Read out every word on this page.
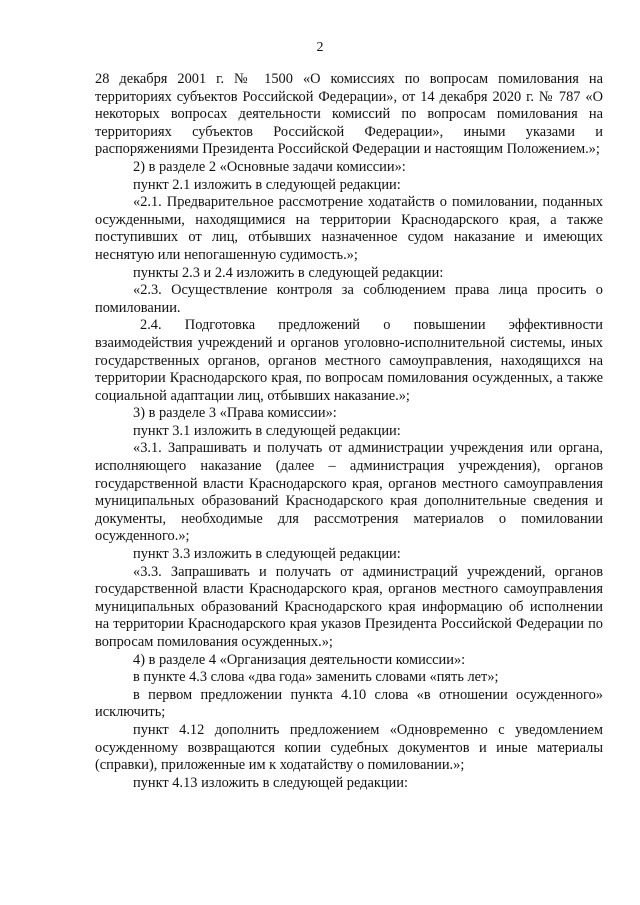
2

28 декабря 2001 г. № 1500 «О комиссиях по вопросам помилования на территориях субъектов Российской Федерации», от 14 декабря 2020 г. № 787 «О некоторых вопросах деятельности комиссий по вопросам помилования на территориях субъектов Российской Федерации», иными указами и распоряжениями Президента Российской Федерации и настоящим Положением.»;

2) в разделе 2 «Основные задачи комиссии»:

пункт 2.1 изложить в следующей редакции:

«2.1. Предварительное рассмотрение ходатайств о помиловании, поданных осужденными, находящимися на территории Краснодарского края, а также поступивших от лиц, отбывших назначенное судом наказание и имеющих неснятую или непогашенную судимость.»;

пункты 2.3 и 2.4 изложить в следующей редакции:

«2.3. Осуществление контроля за соблюдением права лица просить о помиловании.

2.4. Подготовка предложений о повышении эффективности взаимодействия учреждений и органов уголовно-исполнительной системы, иных государственных органов, органов местного самоуправления, находящихся на территории Краснодарского края, по вопросам помилования осужденных, а также социальной адаптации лиц, отбывших наказание.»;

3) в разделе 3 «Права комиссии»:

пункт 3.1 изложить в следующей редакции:

«3.1. Запрашивать и получать от администрации учреждения или органа, исполняющего наказание (далее – администрация учреждения), органов государственной власти Краснодарского края, органов местного самоуправления муниципальных образований Краснодарского края дополнительные сведения и документы, необходимые для рассмотрения материалов о помиловании осужденного.»;

пункт 3.3 изложить в следующей редакции:

«3.3. Запрашивать и получать от администраций учреждений, органов государственной власти Краснодарского края, органов местного самоуправления муниципальных образований Краснодарского края информацию об исполнении на территории Краснодарского края указов Президента Российской Федерации по вопросам помилования осужденных.»;

4) в разделе 4 «Организация деятельности комиссии»:

в пункте 4.3 слова «два года» заменить словами «пять лет»;

в первом предложении пункта 4.10 слова «в отношении осужденного» исключить;

пункт 4.12 дополнить предложением «Одновременно с уведомлением осужденному возвращаются копии судебных документов и иные материалы (справки), приложенные им к ходатайству о помиловании.»;

пункт 4.13 изложить в следующей редакции:
